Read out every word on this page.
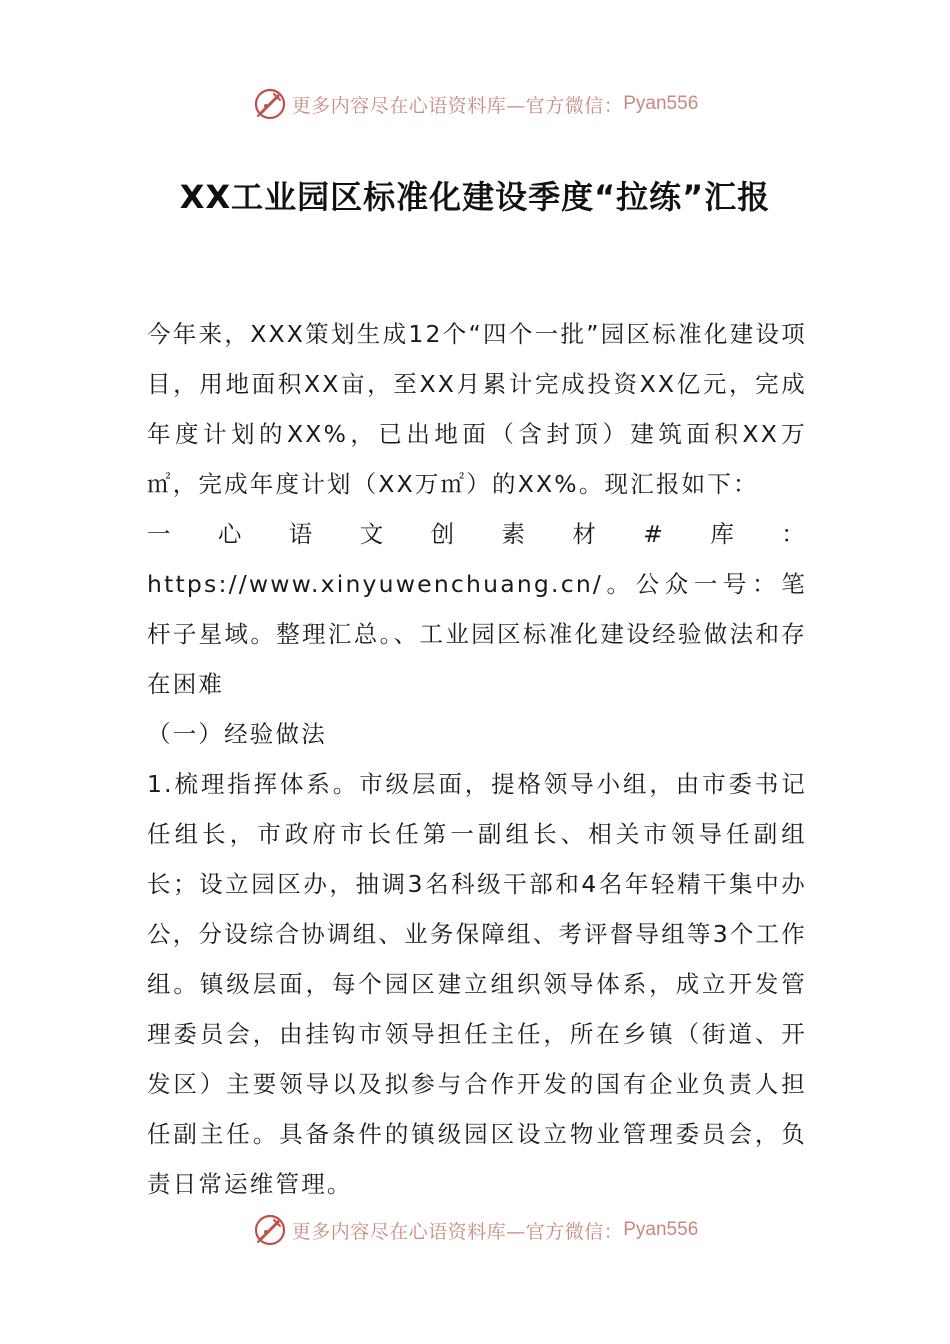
更多内容尽在心语资料库—官方微信： Pyan556
XX工业园区标准化建设季度“拉练”汇报

今年来，XXX策划生成12个“四个一批”园区标准化建设项目，用地面积XX亩，至XX月累计完成投资XX亿元，完成年度计划的XX%，已出地面（含封顶）建筑面积XX万㎡，完成年度计划（XX万㎡）的XX%。现汇报如下：

一心语文创素材#库：https://www.xinyuwenchuang.cn/。公众一号：笔杆子星域。整理汇总。、工业园区标准化建设经验做法和存在困难

（一）经验做法

1.梳理指挥体系。市级层面，提格领导小组，由市委书记任组长，市政府市长任第一副组长、相关市领导任副组长；设立园区办，抽调3名科级干部和4名年轻精干集中办公，分设综合协调组、业务保障组、考评督导组等3个工作组。镇级层面，每个园区建立组织领导体系，成立开发管理委员会，由挂钩市领导担任主任，所在乡镇（街道、开发区）主要领导以及拟参与合作开发的国有企业负责人担任副主任。具备条件的镇级园区设立物业管理委员会，负责日常运维管理。

更多内容尽在心语资料库—官方微信： Pyan556
